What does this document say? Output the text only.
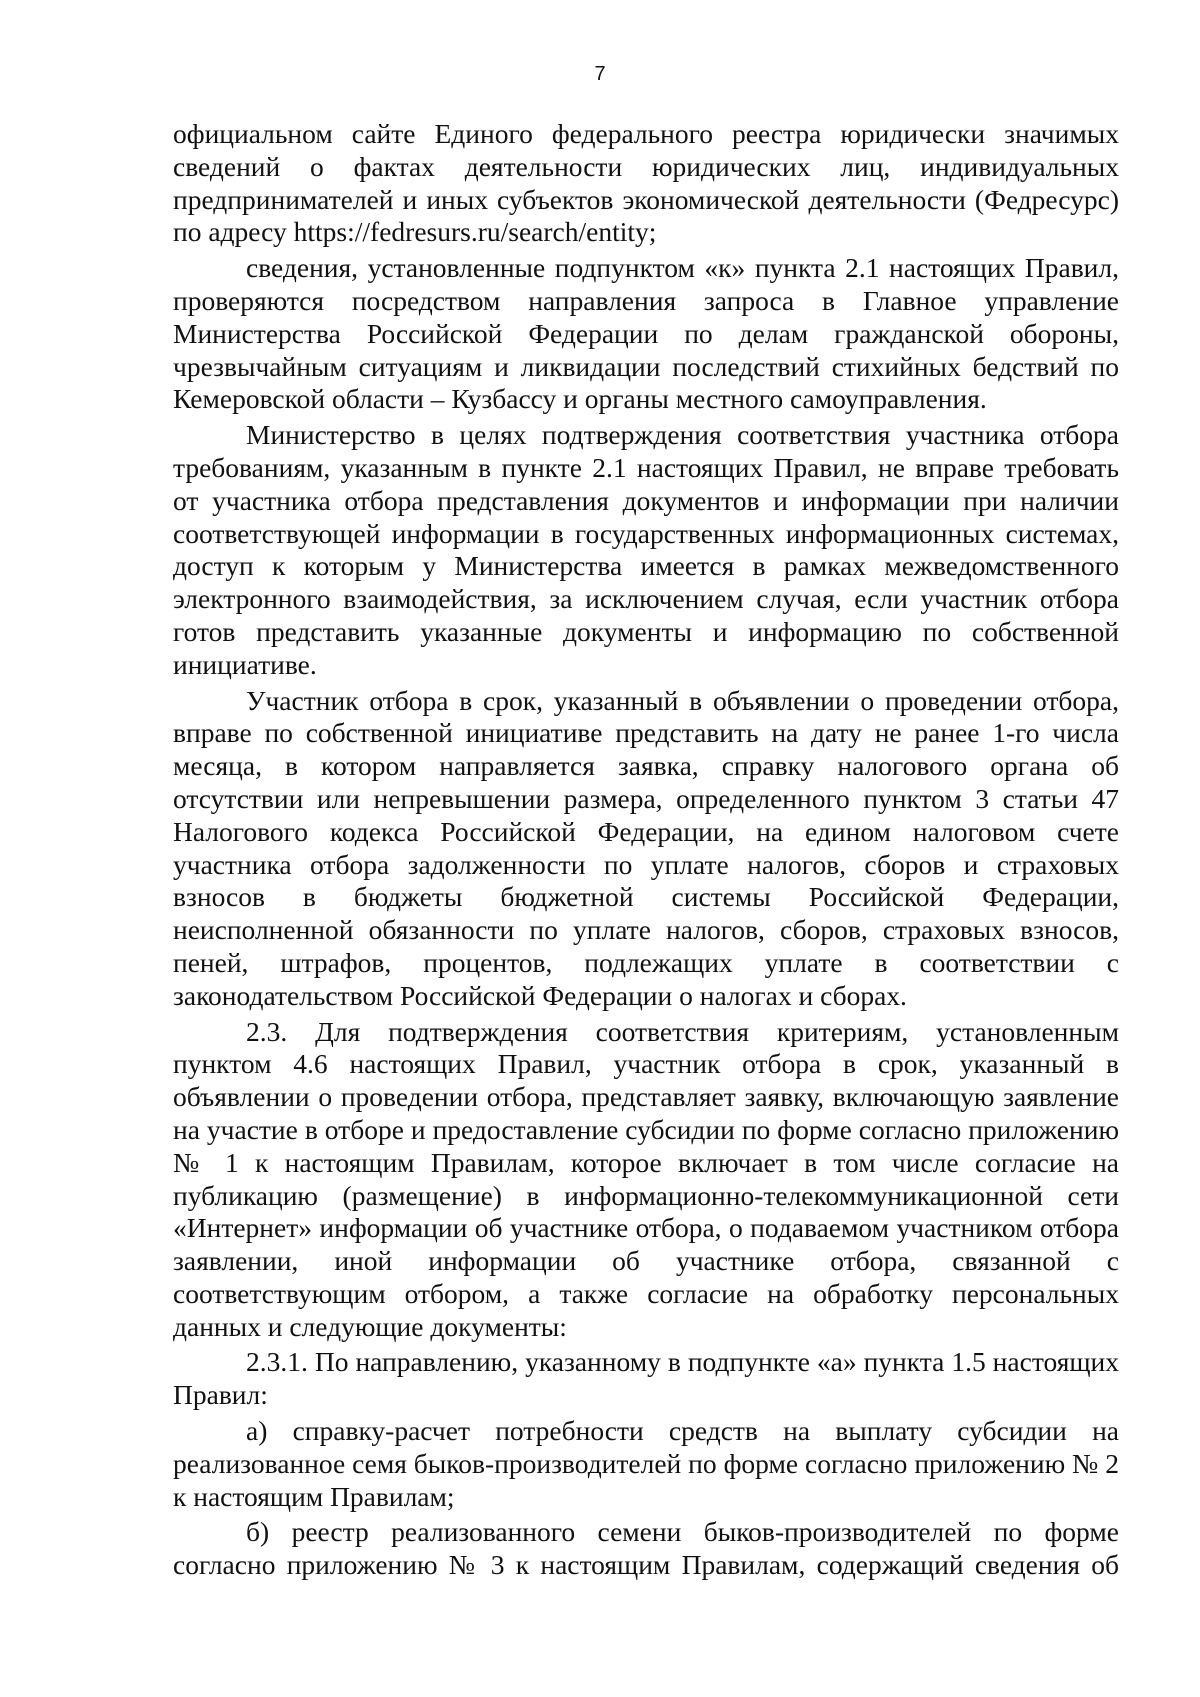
7

официальном сайте Единого федерального реестра юридически значимых сведений о фактах деятельности юридических лиц, индивидуальных предпринимателей и иных субъектов экономической деятельности (Федресурс) по адресу https://fedresurs.ru/search/entity;

сведения, установленные подпунктом «к» пункта 2.1 настоящих Правил, проверяются посредством направления запроса в Главное управление Министерства Российской Федерации по делам гражданской обороны, чрезвычайным ситуациям и ликвидации последствий стихийных бедствий по Кемеровской области – Кузбассу и органы местного самоуправления.

Министерство в целях подтверждения соответствия участника отбора требованиям, указанным в пункте 2.1 настоящих Правил, не вправе требовать от участника отбора представления документов и информации при наличии соответствующей информации в государственных информационных системах, доступ к которым у Министерства имеется в рамках межведомственного электронного взаимодействия, за исключением случая, если участник отбора готов представить указанные документы и информацию по собственной инициативе.

Участник отбора в срок, указанный в объявлении о проведении отбора, вправе по собственной инициативе представить на дату не ранее 1-го числа месяца, в котором направляется заявка, справку налогового органа об отсутствии или непревышении размера, определенного пунктом 3 статьи 47 Налогового кодекса Российской Федерации, на едином налоговом счете участника отбора задолженности по уплате налогов, сборов и страховых взносов в бюджеты бюджетной системы Российской Федерации, неисполненной обязанности по уплате налогов, сборов, страховых взносов, пеней, штрафов, процентов, подлежащих уплате в соответствии с законодательством Российской Федерации о налогах и сборах.

2.3. Для подтверждения соответствия критериям, установленным пунктом 4.6 настоящих Правил, участник отбора в срок, указанный в объявлении о проведении отбора, представляет заявку, включающую заявление на участие в отборе и предоставление субсидии по форме согласно приложению № 1 к настоящим Правилам, которое включает в том числе согласие на публикацию (размещение) в информационно-телекоммуникационной сети «Интернет» информации об участнике отбора, о подаваемом участником отбора заявлении, иной информации об участнике отбора, связанной с соответствующим отбором, а также согласие на обработку персональных данных и следующие документы:

2.3.1. По направлению, указанному в подпункте «а» пункта 1.5 настоящих Правил:

а) справку-расчет потребности средств на выплату субсидии на реализованное семя быков-производителей по форме согласно приложению № 2 к настоящим Правилам;

б) реестр реализованного семени быков-производителей по форме согласно приложению № 3 к настоящим Правилам, содержащий сведения об
